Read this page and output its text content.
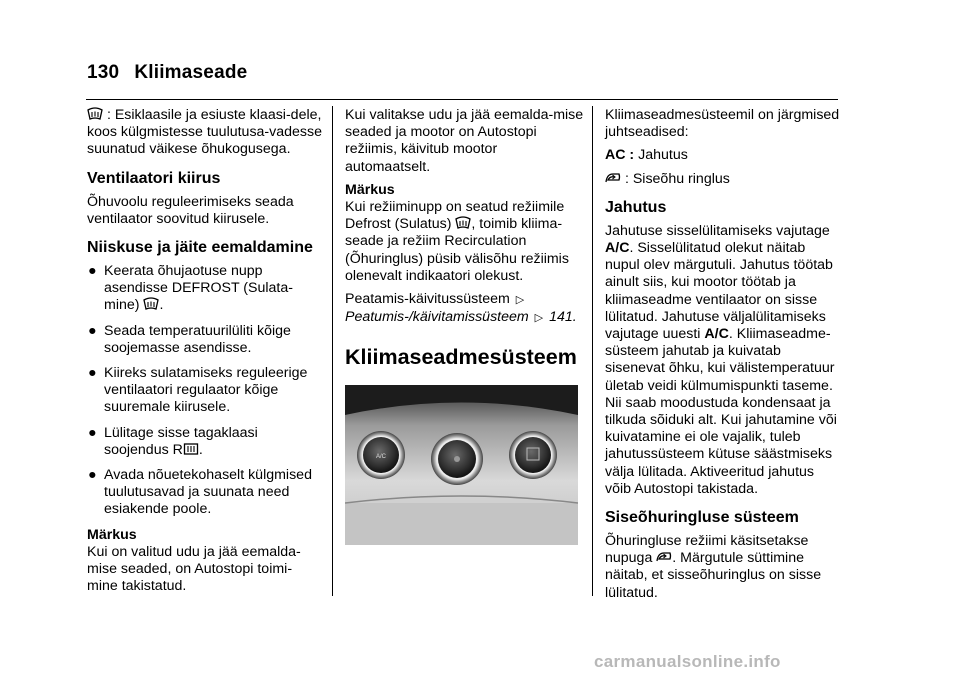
130 Kliimaseade

: Esiklaasile ja esiuste klaasi-dele, koos külgmistesse tuulutusa-vadesse suunatud väikese õhukogusega.

Ventilaatori kiirus

Õhuvoolu reguleerimiseks seada ventilaator soovitud kiirusele.

Niiskuse ja jäite eemaldamine
● Keerata õhujaotuse nupp asendisse DEFROST (Sulata-mine) .
● Seada temperatuurilüliti kõige soojemasse asendisse.
● Kiireks sulatamiseks reguleerige ventilaatori regulaator kõige suuremale kiirusele.
● Lülitage sisse tagaklaasi soojendus R .
● Avada nõuetekohaselt külgmised tuulutusavad ja suunata need esiakende poole.

Märkus

Kui on valitud udu ja jää eemalda-mise seaded, on Autostopi toimi-mine takistatud.

Kui valitakse udu ja jää eemalda-mise seaded ja mootor on Autostopi režiimis, käivitub mootor automaatselt.

Märkus

Kui režiiminupp on seatud režiimile Defrost (Sulatus) , toimib kliima-seade ja režiim Recirculation (Õhuringlus) püsib välisõhu režiimis olenevalt indikaatori olekust.

Peatamis-käivitussüsteem ▷
Peatumis-/käivitamissüsteem ▷ 141.

Kliimaseadmesüsteem
A/C

Kliimaseadmesüsteemil on järgmised juhtseadised:

AC : Jahutus

: Siseõhu ringlus

Jahutus

Jahutuse sisselülitamiseks vajutage A/C. Sisselülitatud olekut näitab nupul olev märgutuli. Jahutus töötab ainult siis, kui mootor töötab ja kliimaseadme ventilaator on sisse lülitatud. Jahutuse väljalülitamiseks vajutage uuesti A/C. Kliimaseadme-süsteem jahutab ja kuivatab sisenevat õhku, kui välistemperatuur ületab veidi külmumispunkti taseme. Nii saab moodustuda kondensaat ja tilkuda sõiduki alt. Kui jahutamine või kuivatamine ei ole vajalik, tuleb jahutussüsteem kütuse säästmiseks välja lülitada. Aktiveeritud jahutus võib Autostopi takistada.

Siseõhuringluse süsteem

Õhuringluse režiimi käsitsetakse nupuga . Märgutule süttimine näitab, et sisseõhuringlus on sisse lülitatud.

carmanualsonline.info
